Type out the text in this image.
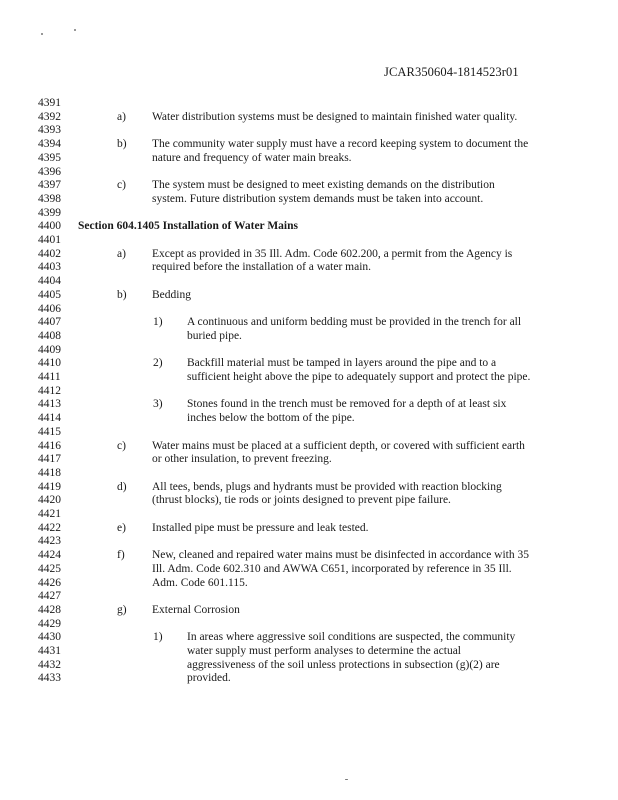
JCAR350604-1814523r01
4391
4392
4393
4394
4395
4396
4397
4398
4399
4400
4401
4402
4403
4404
4405
4406
4407
4408
4409
4410
4411
4412
4413
4414
4415
4416
4417
4418
4419
4420
4421
4422
4423
4424
4425
4426
4427
4428
4429
4430
4431
4432
4433
a) Water distribution systems must be designed to maintain finished water quality.
b) The community water supply must have a record keeping system to document the
nature and frequency of water main breaks.
c) The system must be designed to meet existing demands on the distribution
system. Future distribution system demands must be taken into account.
Section 604.1405 Installation of Water Mains
a) Except as provided in 35 Ill. Adm. Code 602.200, a permit from the Agency is
required before the installation of a water main.
b) Bedding
1) A continuous and uniform bedding must be provided in the trench for all
buried pipe.
2) Backfill material must be tamped in layers around the pipe and to a
sufficient height above the pipe to adequately support and protect the pipe.
3) Stones found in the trench must be removed for a depth of at least six
inches below the bottom of the pipe.
c) Water mains must be placed at a sufficient depth, or covered with sufficient earth
or other insulation, to prevent freezing.
d) All tees, bends, plugs and hydrants must be provided with reaction blocking
(thrust blocks), tie rods or joints designed to prevent pipe failure.
e) Installed pipe must be pressure and leak tested.
f) New, cleaned and repaired water mains must be disinfected in accordance with 35
Ill. Adm. Code 602.310 and AWWA C651, incorporated by reference in 35 Ill.
Adm. Code 601.115.
g) External Corrosion
1) In areas where aggressive soil conditions are suspected, the community
water supply must perform analyses to determine the actual
aggressiveness of the soil unless protections in subsection (g)(2) are
provided.
